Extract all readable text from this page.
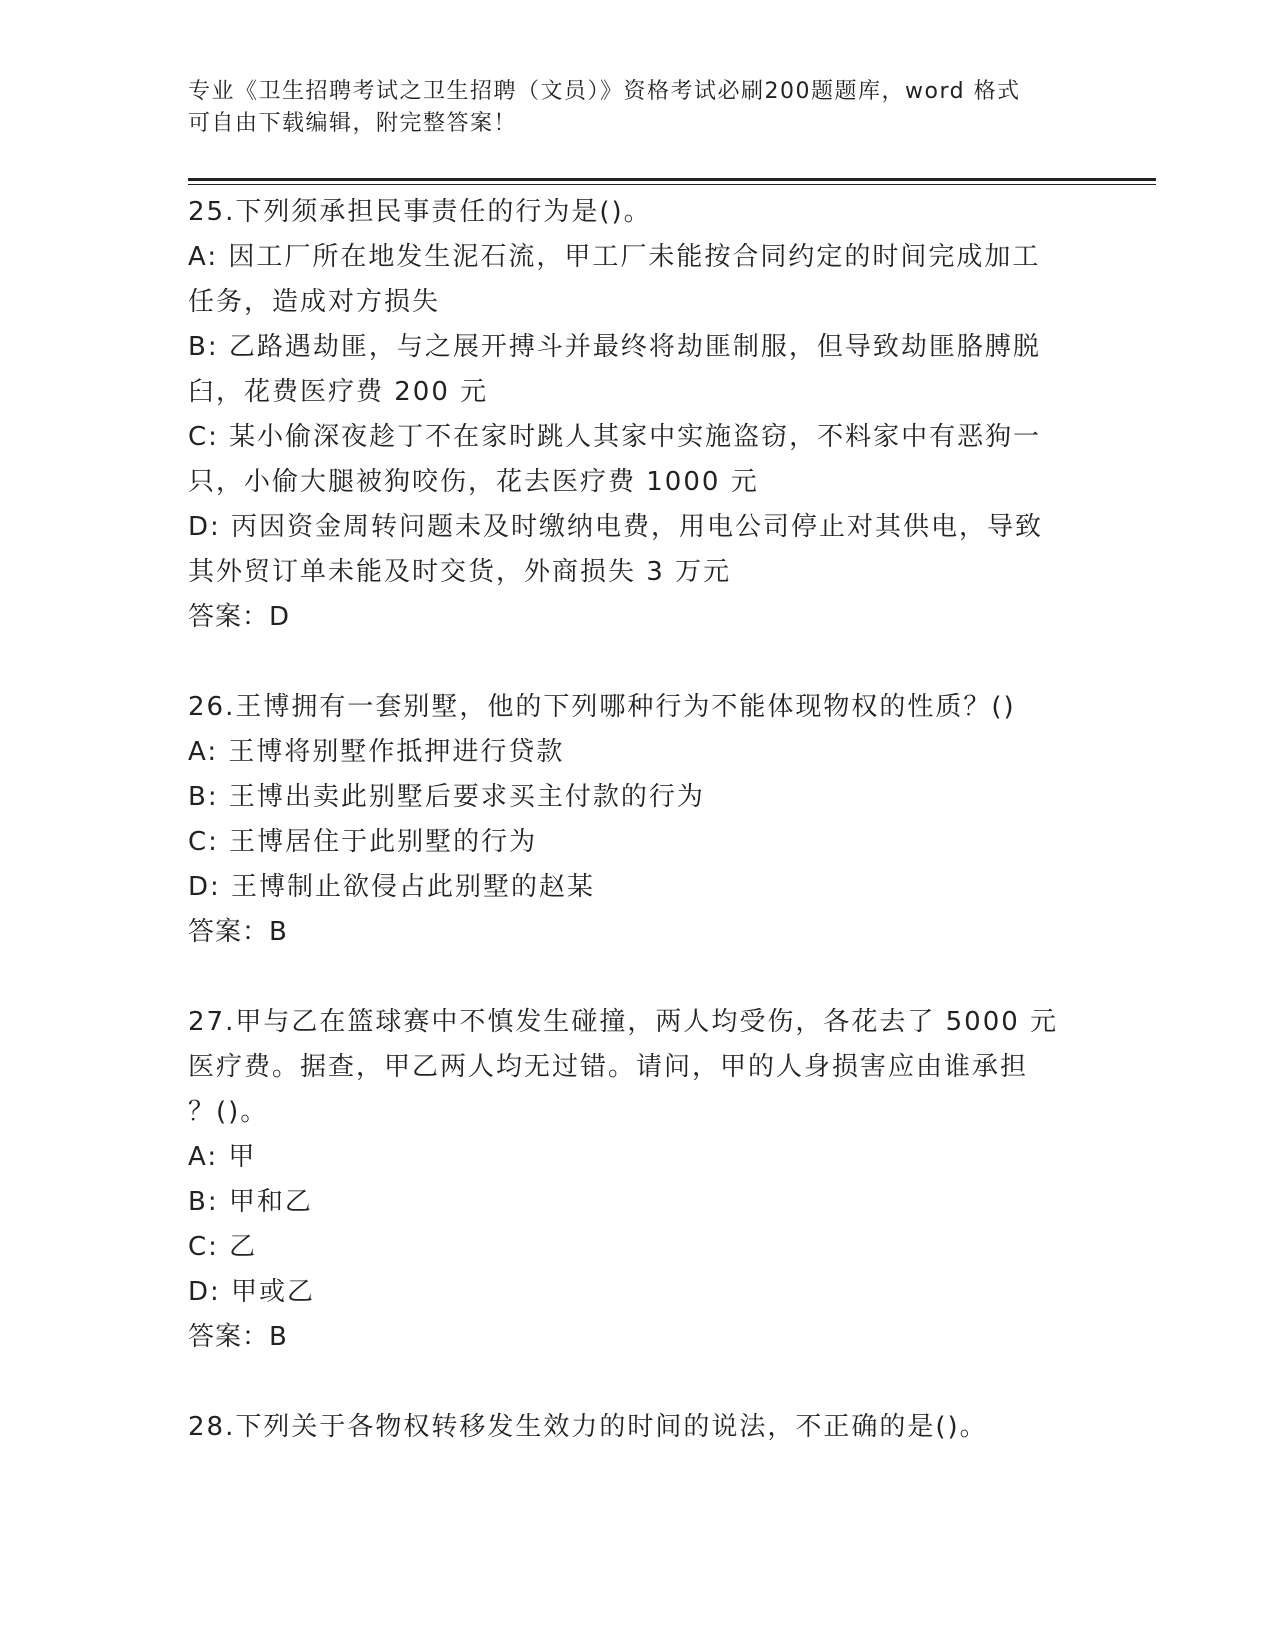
专业《卫生招聘考试之卫生招聘（文员）》资格考试必刷200题题库，word 格式
可自由下载编辑，附完整答案！
25.下列须承担民事责任的行为是()。
A: 因工厂所在地发生泥石流，甲工厂未能按合同约定的时间完成加工
任务，造成对方损失
B: 乙路遇劫匪，与之展开搏斗并最终将劫匪制服，但导致劫匪胳膊脱
臼，花费医疗费 200 元
C: 某小偷深夜趁丁不在家时跳人其家中实施盗窃，不料家中有恶狗一
只，小偷大腿被狗咬伤，花去医疗费 1000 元
D: 丙因资金周转问题未及时缴纳电费，用电公司停止对其供电，导致
其外贸订单未能及时交货，外商损失 3 万元
答案：D
26.王博拥有一套别墅，他的下列哪种行为不能体现物权的性质？()
A: 王博将别墅作抵押进行贷款
B: 王博出卖此别墅后要求买主付款的行为
C: 王博居住于此别墅的行为
D: 王博制止欲侵占此别墅的赵某
答案：B
27.甲与乙在篮球赛中不慎发生碰撞，两人均受伤，各花去了 5000 元
医疗费。据查，甲乙两人均无过错。请问，甲的人身损害应由谁承担
？()。
A: 甲
B: 甲和乙
C: 乙
D: 甲或乙
答案：B
28.下列关于各物权转移发生效力的时间的说法，不正确的是()。
